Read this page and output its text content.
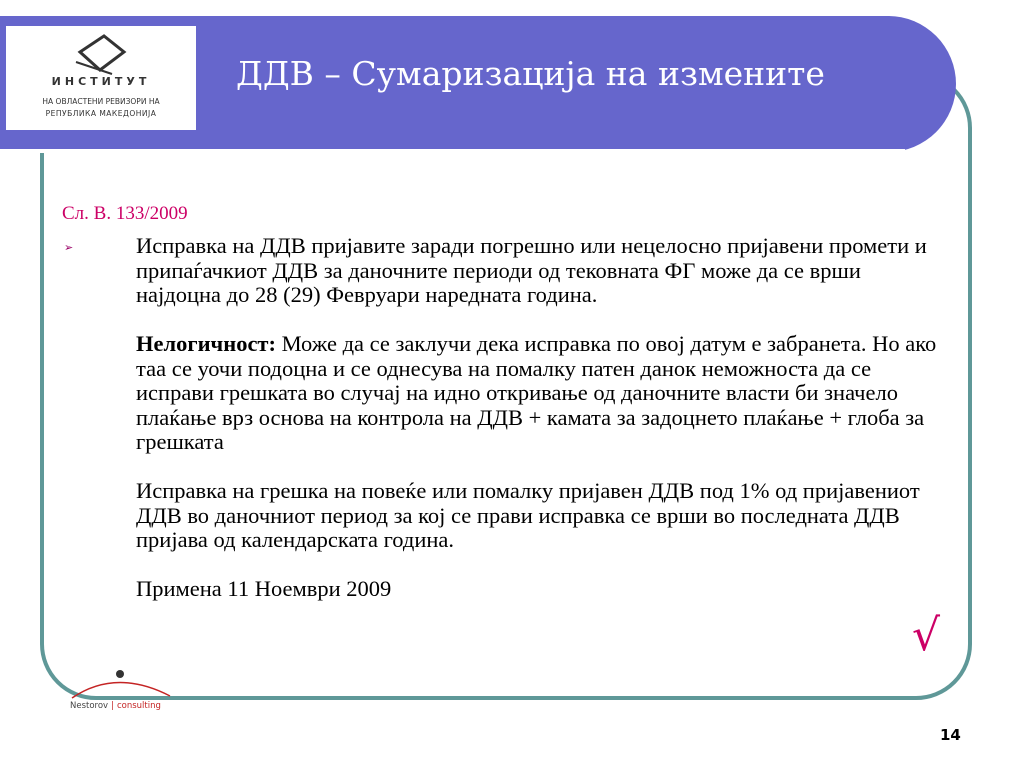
ИНСТИТУТ
НА ОВЛАСТЕНИ РЕВИЗОРИ НА
РЕПУБЛИКА МАКЕДОНИЈА
ДДВ – Сумаризација на измените
Сл. В. 133/2009
➢	Исправка на ДДВ пријавите заради погрешно или нецелосно пријавени промети и припаѓачкиот ДДВ за даночните периоди од тековната ФГ може да се врши најдоцна до 28 (29) Февруари наредната година.

Нелогичност: Може да се заклучи дека исправка по овој датум е забранета. Но ако таа се уочи подоцна и се однесува на помалку патен данок неможноста да се исправи грешката во случај на идно откривање од даночните власти би значело плаќање врз основа на контрола на ДДВ + камата за задоцнето плаќање + глоба за грешката

Исправка на грешка на повеќе или помалку пријавен ДДВ под 1% од пријавениот ДДВ во даночниот период за кој се прави исправка се врши во последната ДДВ пријава од календарската година.

Примена 11 Ноември 2009

√
Nestorov | consulting
14
